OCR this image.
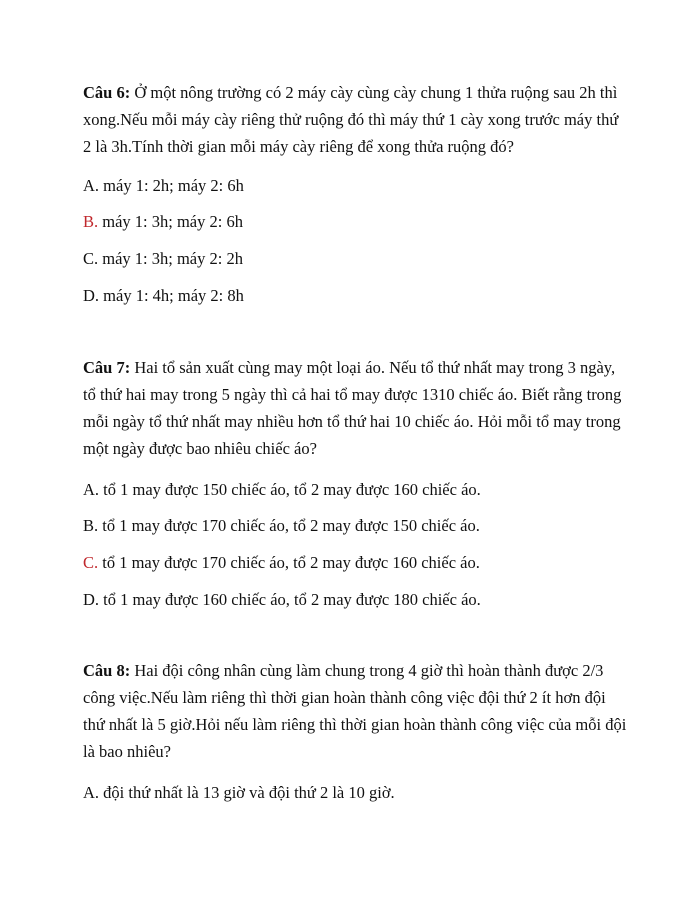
Câu 6: Ở một nông trường có 2 máy cày cùng cày chung 1 thửa ruộng sau 2h thì xong.Nếu mỗi máy cày riêng thử ruộng đó thì máy thứ 1 cày xong trước máy thứ 2 là 3h.Tính thời gian mỗi máy cày riêng để xong thửa ruộng đó?

A. máy 1: 2h; máy 2: 6h

B. máy 1: 3h; máy 2: 6h

C. máy 1: 3h; máy 2: 2h

D. máy 1: 4h; máy 2: 8h

Câu 7: Hai tổ sản xuất cùng may một loại áo. Nếu tổ thứ nhất may trong 3 ngày, tổ thứ hai may trong 5 ngày thì cả hai tổ may được 1310 chiếc áo. Biết rằng trong mỗi ngày tổ thứ nhất may nhiều hơn tổ thứ hai 10 chiếc áo. Hỏi mỗi tổ may trong một ngày được bao nhiêu chiếc áo?

A. tổ 1 may được 150 chiếc áo, tổ 2 may được 160 chiếc áo.

B. tổ 1 may được 170 chiếc áo, tổ 2 may được 150 chiếc áo.

C. tổ 1 may được 170 chiếc áo, tổ 2 may được 160 chiếc áo.

D. tổ 1 may được 160 chiếc áo, tổ 2 may được 180 chiếc áo.

Câu 8: Hai đội công nhân cùng làm chung trong 4 giờ thì hoàn thành được 2/3 công việc.Nếu làm riêng thì thời gian hoàn thành công việc đội thứ 2 ít hơn đội thứ nhất là 5 giờ.Hỏi nếu làm riêng thì thời gian hoàn thành công việc của mỗi đội là bao nhiêu?

A. đội thứ nhất là 13 giờ và đội thứ 2 là 10 giờ.
